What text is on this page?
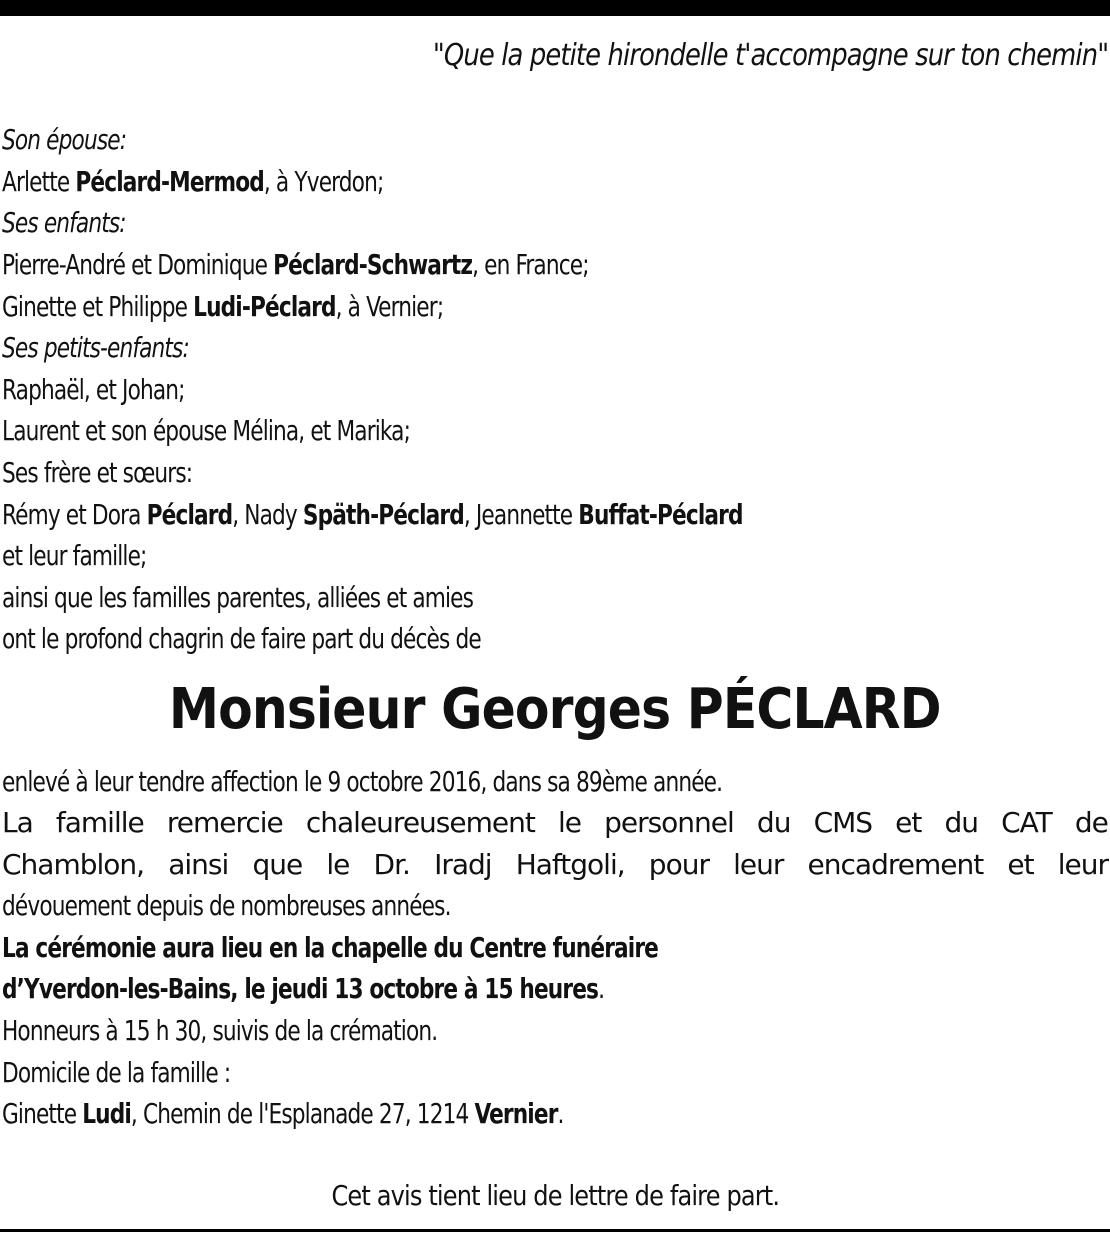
"Que la petite hirondelle t'accompagne sur ton chemin"
Son épouse:
Arlette Péclard-Mermod, à Yverdon;
Ses enfants:
Pierre-André et Dominique Péclard-Schwartz, en France;
Ginette et Philippe Ludi-Péclard, à Vernier;
Ses petits-enfants:
Raphaël, et Johan;
Laurent et son épouse Mélina, et Marika;
Ses frère et sœurs:
Rémy et Dora Péclard, Nady Späth-Péclard, Jeannette Buffat-Péclard
et leur famille;
ainsi que les familles parentes, alliées et amies
ont le profond chagrin de faire part du décès de
Monsieur Georges PÉCLARD
enlevé à leur tendre affection le 9 octobre 2016, dans sa 89ème année.
La famille remercie chaleureusement le personnel du CMS et du CAT de
Chamblon, ainsi que le Dr. Iradj Haftgoli, pour leur encadrement et leur
dévouement depuis de nombreuses années.
La cérémonie aura lieu en la chapelle du Centre funéraire
d’Yverdon-les-Bains, le jeudi 13 octobre à 15 heures.
Honneurs à 15 h 30, suivis de la crémation.
Domicile de la famille :
Ginette Ludi, Chemin de l'Esplanade 27, 1214 Vernier.
Cet avis tient lieu de lettre de faire part.
